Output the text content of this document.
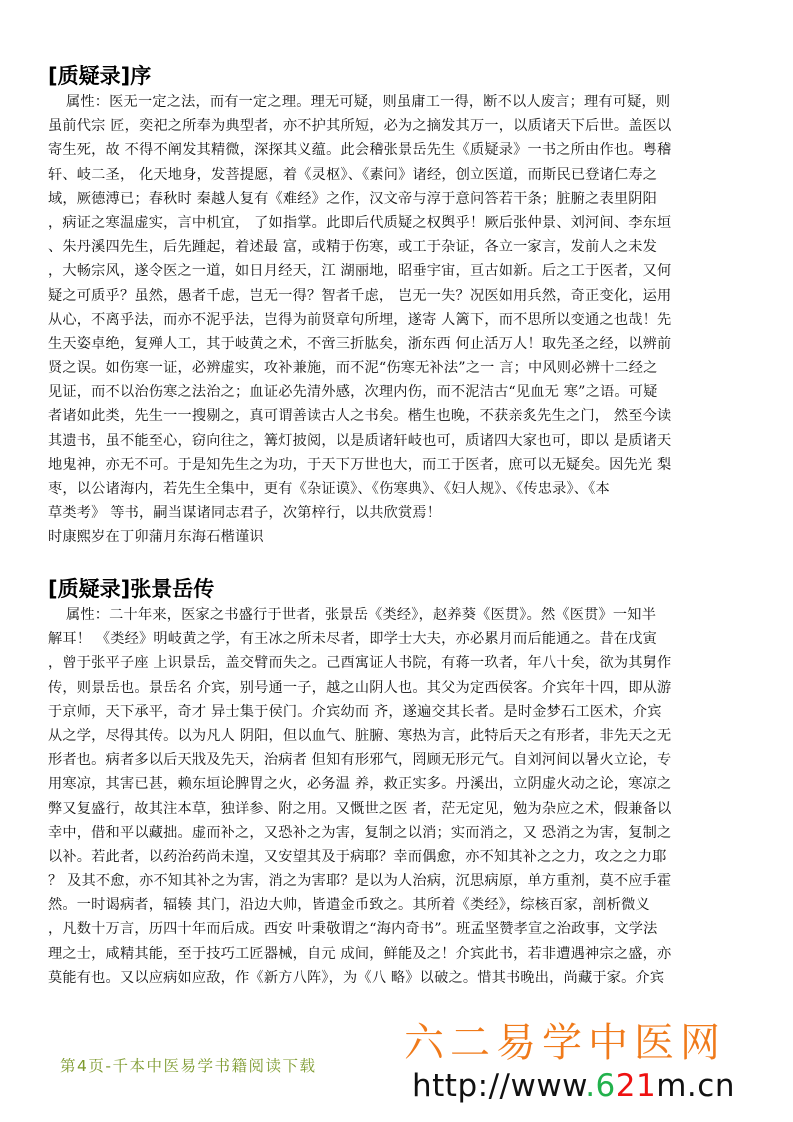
[质疑录]序
属性：医无一定之法，而有一定之理。理无可疑，则虽庸工一得，断不以人废言；理有可疑，则
虽前代宗 匠，奕祀之所奉为典型者，亦不护其所短，必为之摘发其万一，以质诸天下后世。盖医以
寄生死，故 不得不阐发其精微，深探其义蕴。此会稽张景岳先生《质疑录》一书之所由作也。粤稽
轩、岐二圣， 化天地身，发菩提愿，着《灵枢》、《素问》诸经，创立医道，而斯民已登诸仁寿之
域，厥德溥已；春秋时 秦越人复有《难经》之作，汉文帝与淳于意问答若干条；脏腑之表里阴阳
，病证之寒温虚实，言中机宜， 了如指掌。此即后代质疑之权舆乎！厥后张仲景、刘河间、李东垣
、朱丹溪四先生，后先踵起，着述最 富，或精于伤寒，或工于杂证，各立一家言，发前人之未发
，大畅宗风，遂令医之一道，如日月经天，江 湖丽地，昭垂宇宙，亘古如新。后之工于医者，又何
疑之可质乎？虽然，愚者千虑，岂无一得？智者千虑， 岂无一失？况医如用兵然，奇正变化，运用
从心，不离乎法，而亦不泥乎法，岂得为前贤章句所埋，遂寄 人篱下，而不思所以变通之也哉！先
生天姿卓绝，复殚人工，其于岐黄之术，不啻三折肱矣，浙东西 何止活万人！取先圣之经，以辨前
贤之误。如伤寒一证，必辨虚实，攻补兼施，而不泥“伤寒无补法”之一 言；中风则必辨十二经之
见证，而不以治伤寒之法治之；血证必先清外感，次理内伤，而不泥洁古“见血无 寒”之语。可疑
者诸如此类，先生一一搜剔之，真可谓善读古人之书矣。楷生也晚，不获亲炙先生之门， 然至今读
其遗书，虽不能至心，窃向往之，篝灯披阅，以是质诸轩岐也可，质诸四大家也可，即以 是质诸天
地鬼神，亦无不可。于是知先生之为功，于天下万世也大，而工于医者，庶可以无疑矣。因先光 梨
枣，以公诸海内，若先生全集中，更有《杂证谟》、《伤寒典》、《妇人规》、《传忠录》、《本
草类考》 等书，嗣当谋诸同志君子，次第梓行，以共欣赏焉！
时康熙岁在丁卯蒲月东海石楷谨识
[质疑录]张景岳传
属性：二十年来，医家之书盛行于世者，张景岳《类经》，赵养葵《医贯》。然《医贯》一知半
解耳！ 《类经》明岐黄之学，有王冰之所未尽者，即学士大夫，亦必累月而后能通之。昔在戊寅
，曾于张平子座 上识景岳，盖交臂而失之。己酉寓证人书院，有蒋一玖者，年八十矣，欲为其舅作
传，则景岳也。景岳名 介宾，别号通一子，越之山阴人也。其父为定西侯客。介宾年十四，即从游
于京师，天下承平，奇才 异士集于侯门。介宾幼而 齐，遂遍交其长者。是时金梦石工医术，介宾
从之学，尽得其传。以为凡人 阴阳，但以血气、脏腑、寒热为言，此特后天之有形者，非先天之无
形者也。病者多以后天戕及先天，治病者 但知有形邪气，罔顾无形元气。自刘河间以暑火立论，专
用寒凉，其害已甚，赖东垣论脾胃之火，必务温 养，救正实多。丹溪出，立阴虚火动之论，寒凉之
弊又复盛行，故其注本草，独详参、附之用。又慨世之医 者，茫无定见，勉为杂应之术，假兼备以
幸中，借和平以藏拙。虚而补之，又恐补之为害，复制之以消；实而消之，又 恐消之为害，复制之
以补。若此者，以药治药尚未遑，又安望其及于病耶？幸而偶愈，亦不知其补之之力，攻之之力耶
？ 及其不愈，亦不知其补之为害，消之为害耶？是以为人治病，沉思病原，单方重剂，莫不应手霍
然。一时谒病者，辐辏 其门，沿边大帅，皆遣金币致之。其所着《类经》，综核百家，剖析微义
，凡数十万言，历四十年而后成。西安 叶秉敬谓之“海内奇书”。班孟坚赞孝宣之治政事，文学法
理之士，咸精其能，至于技巧工匠器械，自元 成间，鲜能及之！介宾此书，若非遭遇神宗之盛，亦
莫能有也。又以应病如应敌，作《新方八阵》，为《八 略》以破之。惜其书晚出，尚藏于家。介宾
第4页-千本中医易学书籍阅读下载 六二易学中医网
http://www.621m.cn
